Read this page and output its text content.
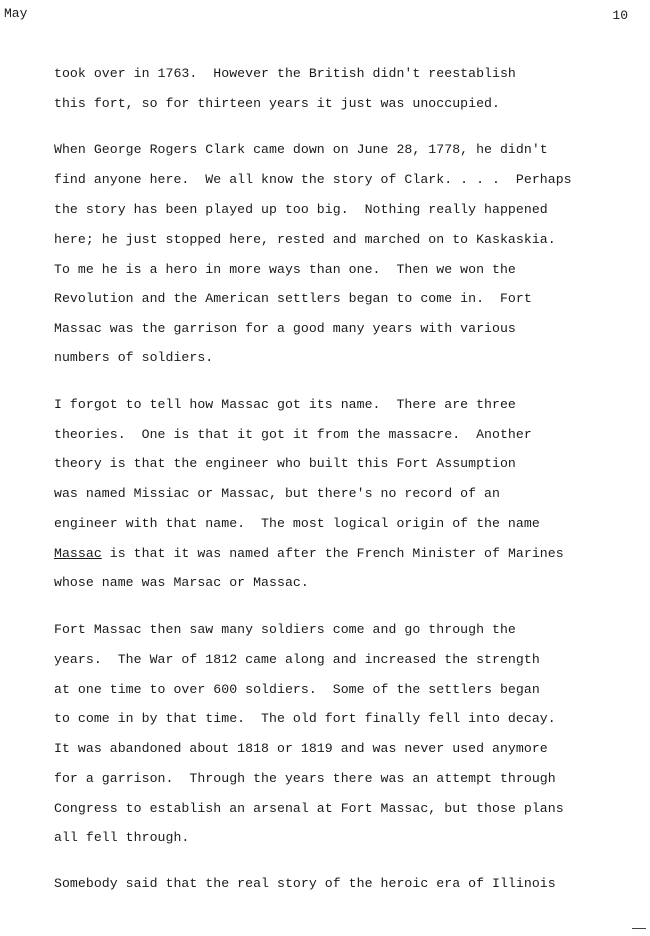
May	10
took over in 1763.  However the British didn't reestablish
this fort, so for thirteen years it just was unoccupied.
When George Rogers Clark came down on June 28, 1778, he didn't
find anyone here.  We all know the story of Clark. . . .  Perhaps
the story has been played up too big.  Nothing really happened
here; he just stopped here, rested and marched on to Kaskaskia.
To me he is a hero in more ways than one.  Then we won the
Revolution and the American settlers began to come in.  Fort
Massac was the garrison for a good many years with various
numbers of soldiers.
I forgot to tell how Massac got its name.  There are three
theories.  One is that it got it from the massacre.  Another
theory is that the engineer who built this Fort Assumption
was named Missiac or Massac, but there's no record of an
engineer with that name.  The most logical origin of the name
Massac is that it was named after the French Minister of Marines
whose name was Marsac or Massac.
Fort Massac then saw many soldiers come and go through the
years.  The War of 1812 came along and increased the strength
at one time to over 600 soldiers.  Some of the settlers began
to come in by that time.  The old fort finally fell into decay.
It was abandoned about 1818 or 1819 and was never used anymore
for a garrison.  Through the years there was an attempt through
Congress to establish an arsenal at Fort Massac, but those plans
all fell through.
Somebody said that the real story of the heroic era of Illinois
